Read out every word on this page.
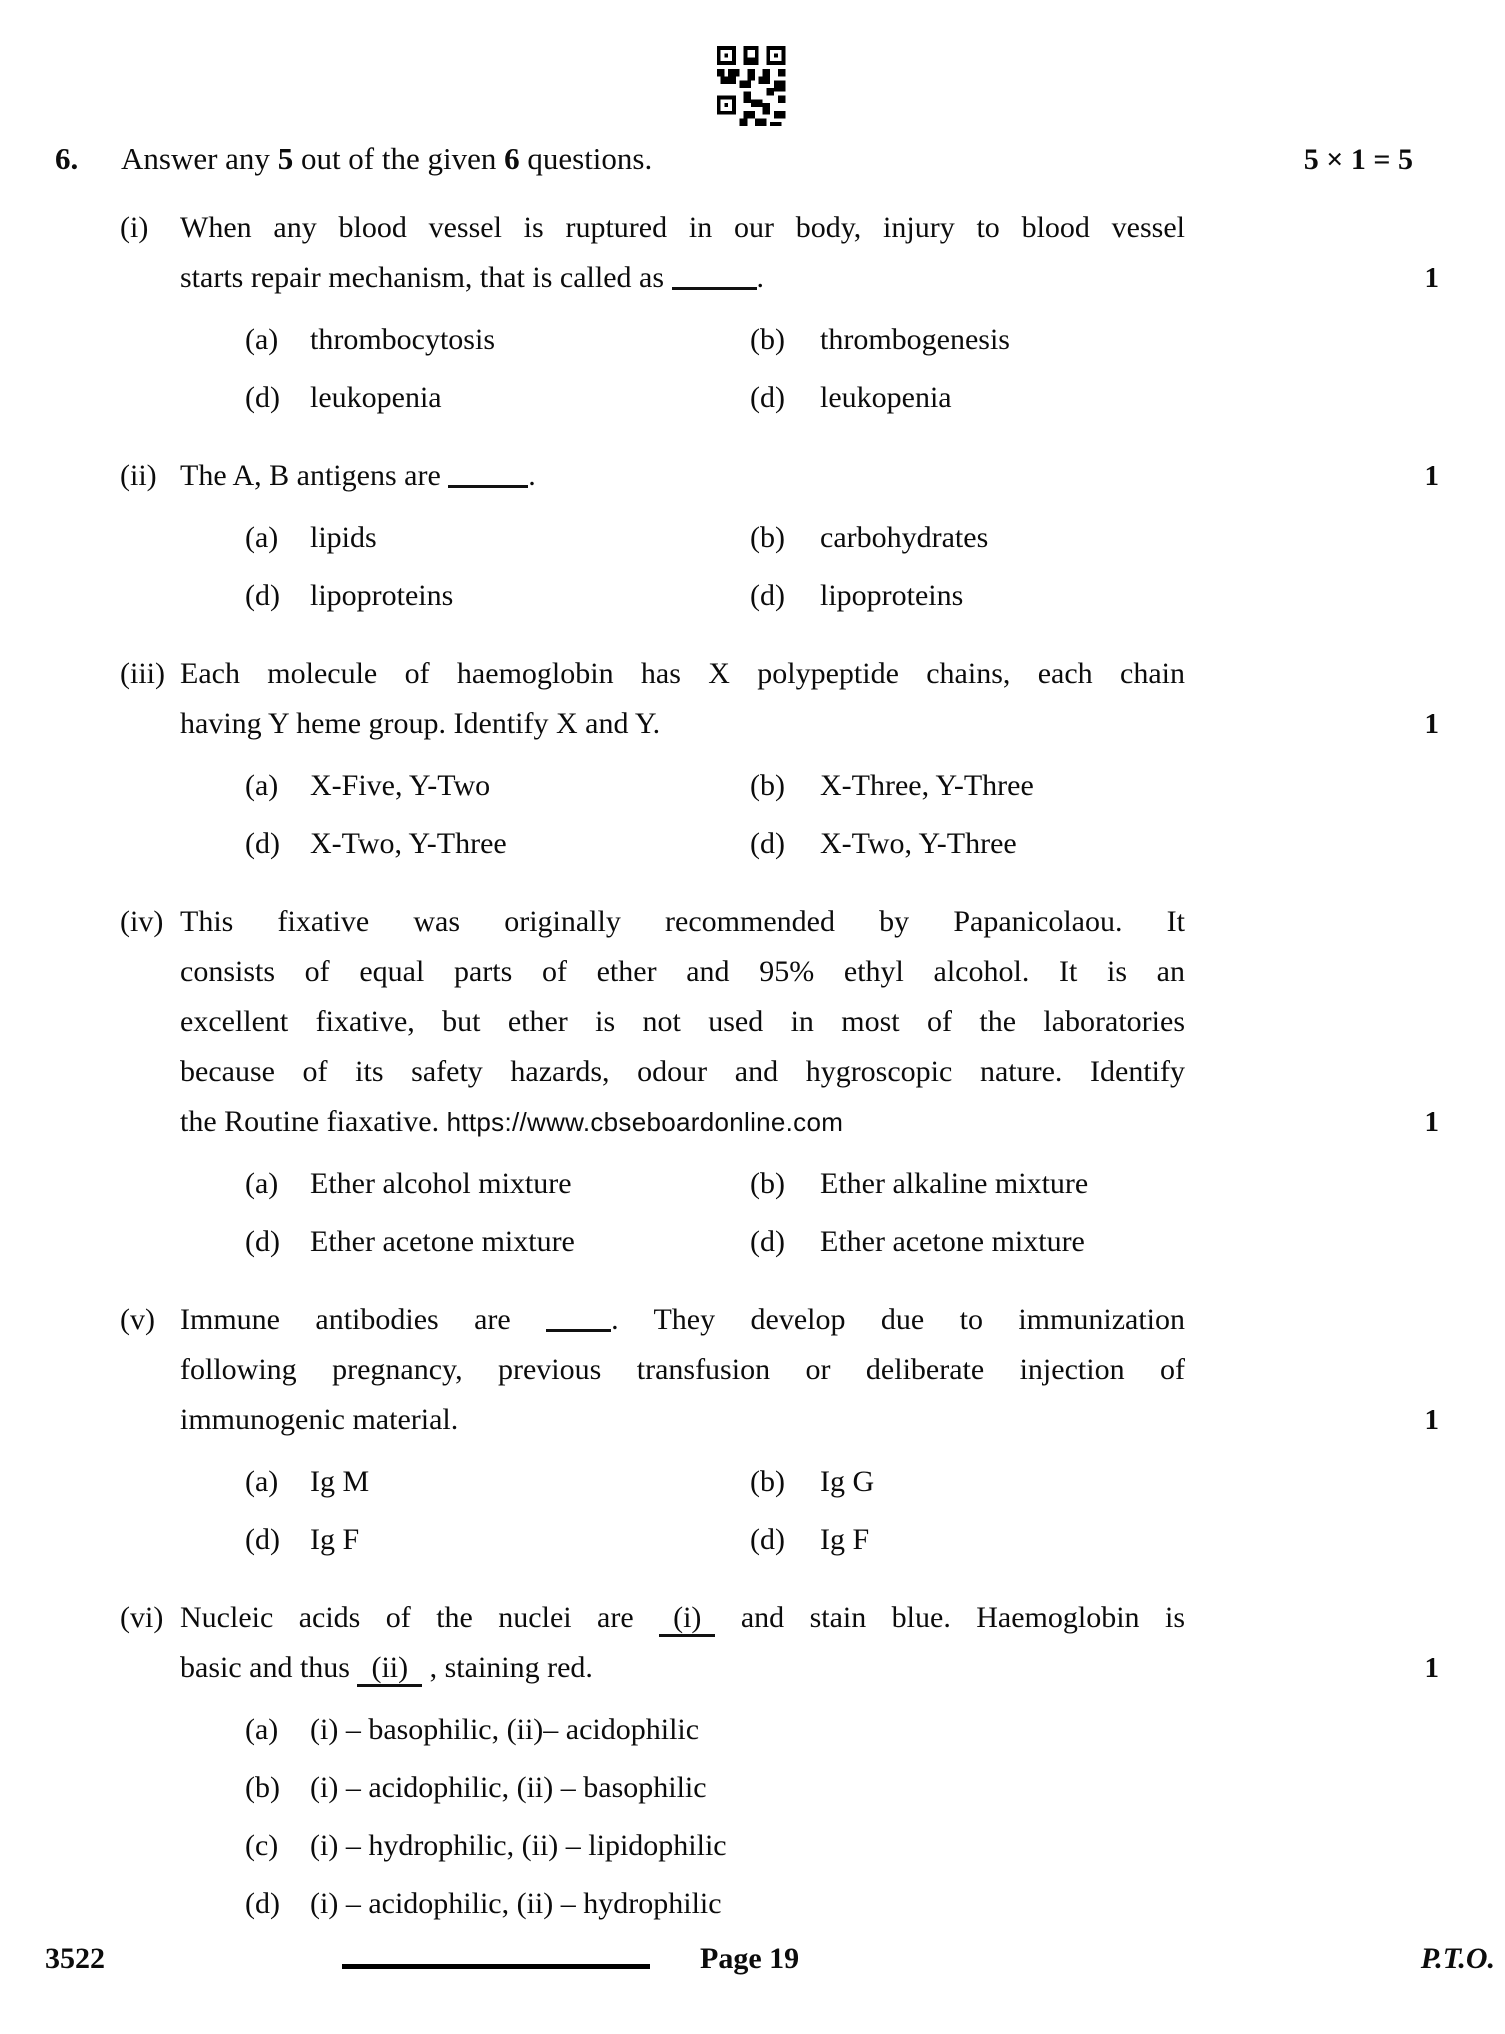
6.	Answer any 5 out of the given 6 questions.	5 × 1 = 5
(i)	When any blood vessel is ruptured in our body, injury to blood vessel
starts repair mechanism, that is called as	.	1
(a)	thrombocytosis	(b)	thrombogenesis
(d)	leukopenia	(d)	leukopenia
(ii) The A, B antigens are	.	1
(a)	lipids	(b)	carbohydrates
(d)	lipoproteins	(d)	lipoproteins
(iii) Each molecule of haemoglobin has X polypeptide chains, each chain
having Y heme group. Identify X and Y.	1
(a)	X-Five, Y-Two	(b)	X-Three, Y-Three
(d)	X-Two, Y-Three	(d)	X-Two, Y-Three
(iv) This fixative was originally recommended by Papanicolaou. It
consists of equal parts of ether and 95% ethyl alcohol. It is an
excellent fixative, but ether is not used in most of the laboratories
because of its safety hazards, odour and hygroscopic nature. Identify
the Routine fiaxative. https://www.cbseboardonline.com	1
(a)	Ether alcohol mixture	(b)	Ether alkaline mixture
(d)	Ether acetone mixture	(d)	Ether acetone mixture
(v) Immune antibodies are . They develop due to immunization
following pregnancy, previous transfusion or deliberate injection of
immunogenic material.	1
(a)	Ig M	(b)	Ig G
(d)	Ig F	(d)	Ig F
(vi) Nucleic acids of the nuclei are (i) and stain blue. Haemoglobin is
basic and thus (ii) , staining red.	1
(a)	(i) – basophilic, (ii)– acidophilic
(b)	(i) – acidophilic, (ii) – basophilic
(c)	(i) – hydrophilic, (ii) – lipidophilic
(d)	(i) – acidophilic, (ii) – hydrophilic
3522	Page 19	P.T.O.
